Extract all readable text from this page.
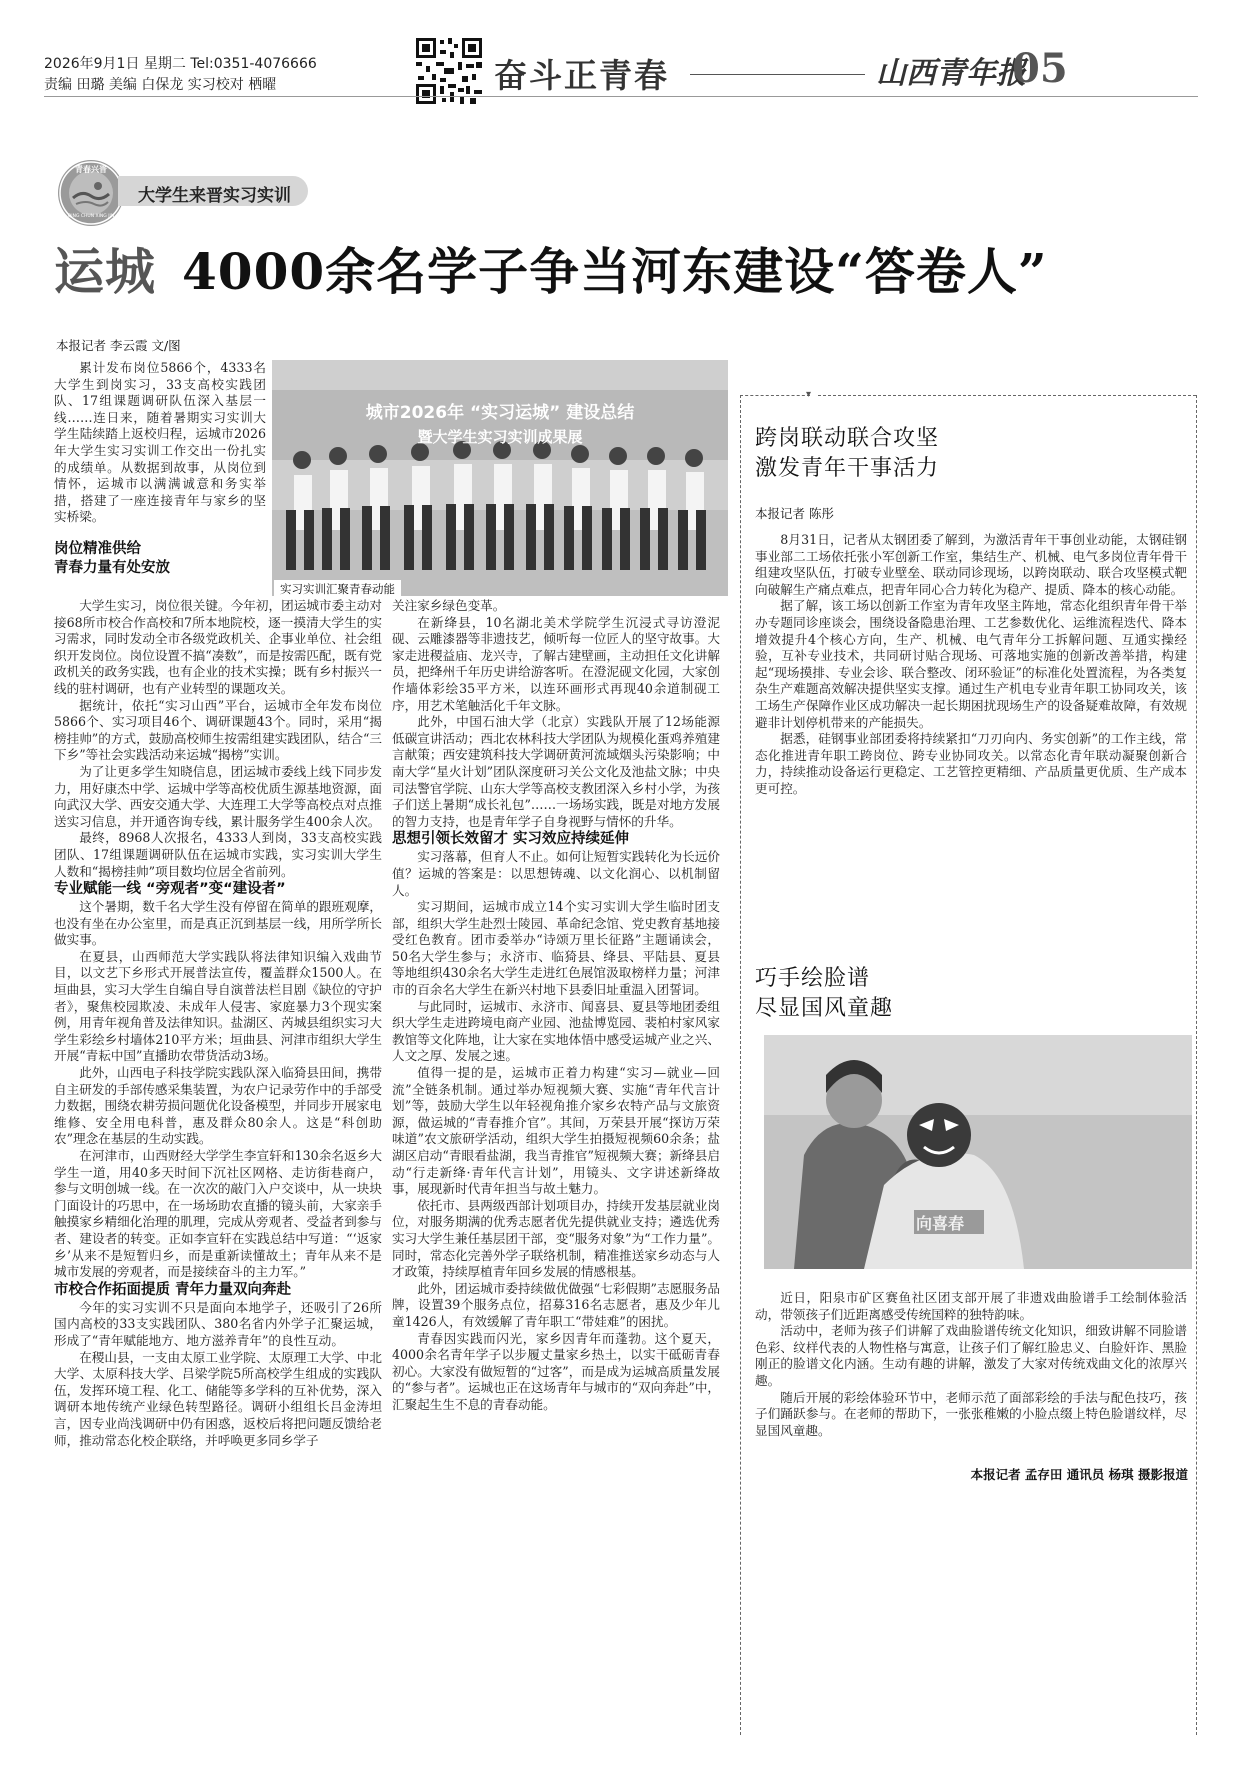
2026年9月1日 星期二 Tel:0351-4076666
责编 田璐 美编 白保龙 实习校对 栖曜	奋斗正青春	山西青年报
05
青春兴晋
QING CHUN XING JIN
大学生来晋实习实训
运城 4000余名学子争当河东建设“答卷人”
本报记者 李云霞 文/图

累计发布岗位5866个，4333名大学生到岗实习，33支高校实践团队、17组课题调研队伍深入基层一线……连日来，随着暑期实习实训大学生陆续踏上返校归程，运城市2026年大学生实习实训工作交出一份扎实的成绩单。从数据到故事，从岗位到情怀，运城市以满满诚意和务实举措，搭建了一座连接青年与家乡的坚实桥梁。

城市2026年 “实习运城” 建设总结
暨大学生实习实训成果展
实习实训汇聚青春动能

岗位精准供给
青春力量有处安放

大学生实习，岗位很关键。今年初，团运城市委主动对接68所市校合作高校和7所本地院校，逐一摸清大学生的实习需求，同时发动全市各级党政机关、企事业单位、社会组织开发岗位。岗位设置不搞“凑数”，而是按需匹配，既有党政机关的政务实践，也有企业的技术实操；既有乡村振兴一线的驻村调研，也有产业转型的课题攻关。

据统计，依托“实习山西”平台，运城市全年发布岗位5866个、实习项目46个、调研课题43个。同时，采用“揭榜挂帅”的方式，鼓励高校师生按需组建实践团队，结合“三下乡”等社会实践活动来运城“揭榜”实训。

为了让更多学生知晓信息，团运城市委线上线下同步发力，用好康杰中学、运城中学等高校优质生源基地资源，面向武汉大学、西安交通大学、大连理工大学等高校点对点推送实习信息，并开通咨询专线，累计服务学生400余人次。

最终，8968人次报名，4333人到岗，33支高校实践团队、17组课题调研队伍在运城市实践，实习实训大学生人数和“揭榜挂帅”项目数均位居全省前列。

专业赋能一线 “旁观者”变“建设者”

这个暑期，数千名大学生没有停留在简单的跟班观摩，也没有坐在办公室里，而是真正沉到基层一线，用所学所长做实事。

在夏县，山西师范大学实践队将法律知识编入戏曲节目，以文艺下乡形式开展普法宣传，覆盖群众1500人。在垣曲县，实习大学生自编自导自演普法栏目剧《缺位的守护者》，聚焦校园欺凌、未成年人侵害、家庭暴力3个现实案例，用青年视角普及法律知识。盐湖区、芮城县组织实习大学生彩绘乡村墙体210平方米；垣曲县、河津市组织大学生开展“青耘中国”直播助农带货活动3场。

此外，山西电子科技学院实践队深入临猗县田间，携带自主研发的手部传感采集装置，为农户记录劳作中的手部受力数据，围绕农耕劳损问题优化设备模型，并同步开展家电维修、安全用电科普，惠及群众80余人。这是“科创助农”理念在基层的生动实践。

在河津市，山西财经大学学生李宣轩和130余名返乡大学生一道，用40多天时间下沉社区网格、走访街巷商户，参与文明创城一线。在一次次的敲门入户交谈中，从一块块门面设计的巧思中，在一场场助农直播的镜头前，大家亲手触摸家乡精细化治理的肌理，完成从旁观者、受益者到参与者、建设者的转变。正如李宣轩在实践总结中写道：“‘返家乡’从来不是短暂归乡，而是重新读懂故土；青年从来不是城市发展的旁观者，而是接续奋斗的主力军。”

市校合作拓面提质 青年力量双向奔赴

今年的实习实训不只是面向本地学子，还吸引了26所国内高校的33支实践团队、380名省内外学子汇聚运城，形成了“青年赋能地方、地方滋养青年”的良性互动。

在稷山县，一支由太原工业学院、太原理工大学、中北大学、太原科技大学、吕梁学院5所高校学生组成的实践队伍，发挥环境工程、化工、储能等多学科的互补优势，深入调研本地传统产业绿色转型路径。调研小组组长吕金涛坦言，因专业尚浅调研中仍有困惑，返校后将把问题反馈给老师，推动常态化校企联络，并呼唤更多同乡学子

关注家乡绿色变革。

在新绛县，10名湖北美术学院学生沉浸式寻访澄泥砚、云雕漆器等非遗技艺，倾听每一位匠人的坚守故事。大家走进稷益庙、龙兴寺，了解古建壁画，主动担任文化讲解员，把绛州千年历史讲给游客听。在澄泥砚文化园，大家创作墙体彩绘35平方米，以连环画形式再现40余道制砚工序，用艺术笔触活化千年文脉。

此外，中国石油大学（北京）实践队开展了12场能源低碳宣讲活动；西北农林科技大学团队为规模化蛋鸡养殖建言献策；西安建筑科技大学调研黄河流域烟头污染影响；中南大学“星火计划”团队深度研习关公文化及池盐文脉；中央司法警官学院、山东大学等高校支教团深入乡村小学，为孩子们送上暑期“成长礼包”……一场场实践，既是对地方发展的智力支持，也是青年学子自身视野与情怀的升华。

思想引领长效留才 实习效应持续延伸

实习落幕，但育人不止。如何让短暂实践转化为长远价值？运城的答案是：以思想铸魂、以文化润心、以机制留人。

实习期间，运城市成立14个实习实训大学生临时团支部，组织大学生赴烈士陵园、革命纪念馆、党史教育基地接受红色教育。团市委举办“诗颂万里长征路”主题诵读会，50名大学生参与；永济市、临猗县、绛县、平陆县、夏县等地组织430余名大学生走进红色展馆汲取榜样力量；河津市的百余名大学生在新兴村地下县委旧址重温入团誓词。

与此同时，运城市、永济市、闻喜县、夏县等地团委组织大学生走进跨境电商产业园、池盐博览园、裴柏村家风家教馆等文化阵地，让大家在实地体悟中感受运城产业之兴、人文之厚、发展之速。

值得一提的是，运城市正着力构建“实习—就业—回流”全链条机制。通过举办短视频大赛、实施“青年代言计划”等，鼓励大学生以年轻视角推介家乡农特产品与文旅资源，做运城的“青春推介官”。其间，万荣县开展“探访万荣味道”农文旅研学活动，组织大学生拍摄短视频60余条；盐湖区启动“青眼看盐湖，我当青推官”短视频大赛；新绛县启动“行走新绛·青年代言计划”，用镜头、文字讲述新绛故事，展现新时代青年担当与故土魅力。

依托市、县两级西部计划项目办，持续开发基层就业岗位，对服务期满的优秀志愿者优先提供就业支持；遴选优秀实习大学生兼任基层团干部，变“服务对象”为“工作力量”。同时，常态化完善外学子联络机制，精准推送家乡动态与人才政策，持续厚植青年回乡发展的情感根基。

此外，团运城市委持续做优做强“七彩假期”志愿服务品牌，设置39个服务点位，招募316名志愿者，惠及少年儿童1426人，有效缓解了青年职工“带娃难”的困扰。

青春因实践而闪光，家乡因青年而蓬勃。这个夏天，4000余名青年学子以步履丈量家乡热土，以实干砥砺青春初心。大家没有做短暂的“过客”，而是成为运城高质量发展的“参与者”。运城也正在这场青年与城市的“双向奔赴”中，汇聚起生生不息的青春动能。

▾
跨岗联动联合攻坚
激发青年干事活力
本报记者 陈彤

8月31日，记者从太钢团委了解到，为激活青年干事创业动能，太钢硅钢事业部二工场依托张小军创新工作室，集结生产、机械、电气多岗位青年骨干组建攻坚队伍，打破专业壁垒、联动同诊现场，以跨岗联动、联合攻坚模式靶向破解生产痛点难点，把青年同心合力转化为稳产、提质、降本的核心动能。

据了解，该工场以创新工作室为青年攻坚主阵地，常态化组织青年骨干举办专题同诊座谈会，围绕设备隐患治理、工艺参数优化、运维流程迭代、降本增效提升4个核心方向，生产、机械、电气青年分工拆解问题、互通实操经验，互补专业技术，共同研讨贴合现场、可落地实施的创新改善举措，构建起“现场摸排、专业会诊、联合整改、闭环验证”的标准化处置流程，为各类复杂生产难题高效解决提供坚实支撑。通过生产机电专业青年职工协同攻关，该工场生产保障作业区成功解决一起长期困扰现场生产的设备疑难故障，有效规避非计划停机带来的产能损失。

据悉，硅钢事业部团委将持续紧扣“刀刃向内、务实创新”的工作主线，常态化推进青年职工跨岗位、跨专业协同攻关。以常态化青年联动凝聚创新合力，持续推动设备运行更稳定、工艺管控更精细、产品质量更优质、生产成本更可控。

巧手绘脸谱
尽显国风童趣
向喜春

近日，阳泉市矿区赛鱼社区团支部开展了非遗戏曲脸谱手工绘制体验活动，带领孩子们近距离感受传统国粹的独特韵味。

活动中，老师为孩子们讲解了戏曲脸谱传统文化知识，细致讲解不同脸谱色彩、纹样代表的人物性格与寓意，让孩子们了解红脸忠义、白脸奸诈、黑脸刚正的脸谱文化内涵。生动有趣的讲解，激发了大家对传统戏曲文化的浓厚兴趣。

随后开展的彩绘体验环节中，老师示范了面部彩绘的手法与配色技巧，孩子们踊跃参与。在老师的帮助下，一张张稚嫩的小脸点缀上特色脸谱纹样，尽显国风童趣。

本报记者 孟存田 通讯员 杨琪 摄影报道
